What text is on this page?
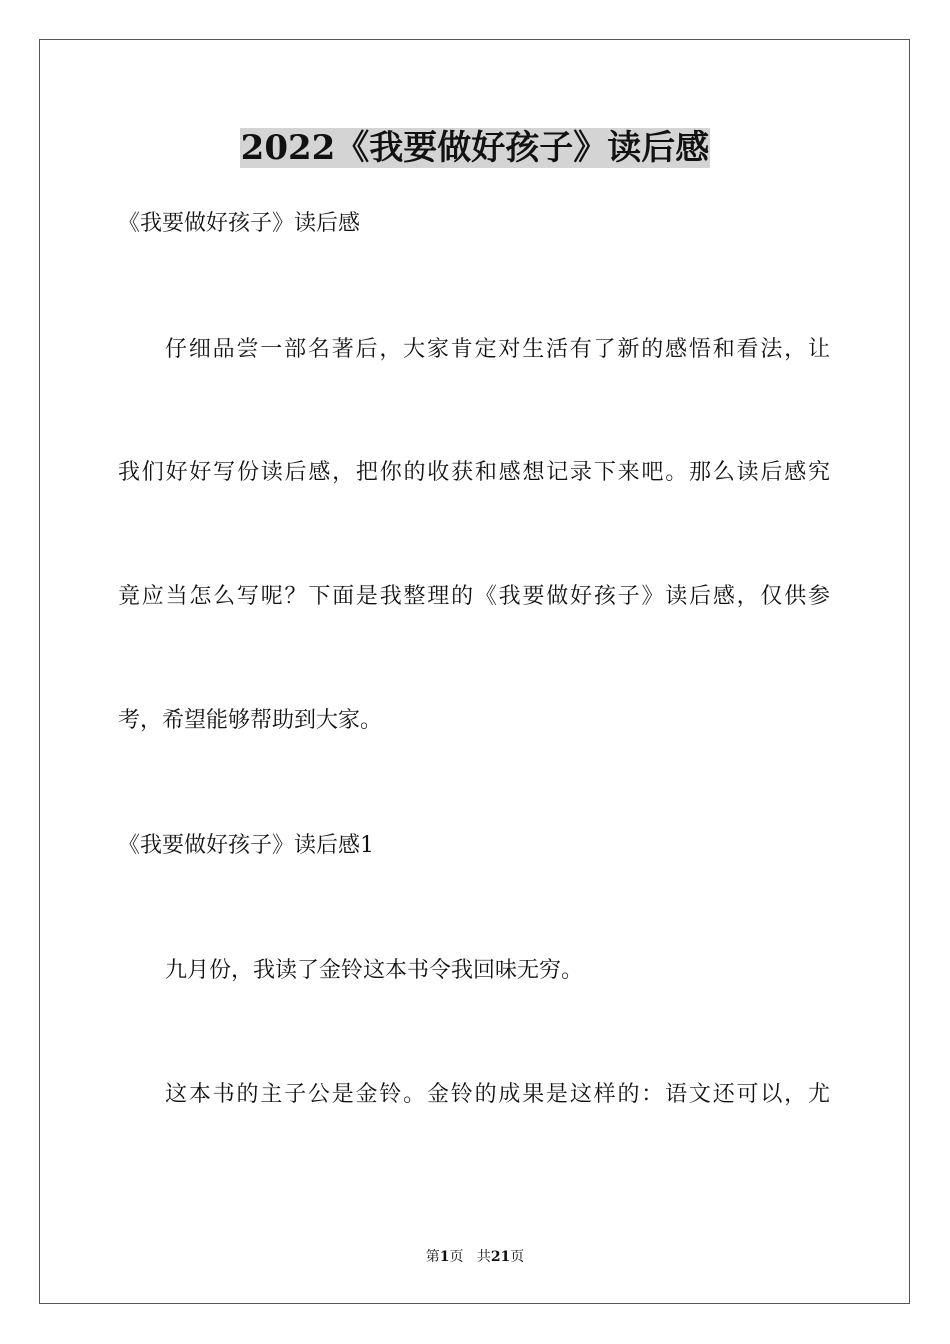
2022《我要做好孩子》读后感
《我要做好孩子》读后感
仔细品尝一部名著后，大家肯定对生活有了新的感悟和看法，让
我们好好写份读后感，把你的收获和感想记录下来吧。那么读后感究
竟应当怎么写呢？下面是我整理的《我要做好孩子》读后感，仅供参
考，希望能够帮助到大家。
《我要做好孩子》读后感1
九月份，我读了金铃这本书令我回味无穷。
这本书的主子公是金铃。金铃的成果是这样的：语文还可以，尤
第1页 共21页
